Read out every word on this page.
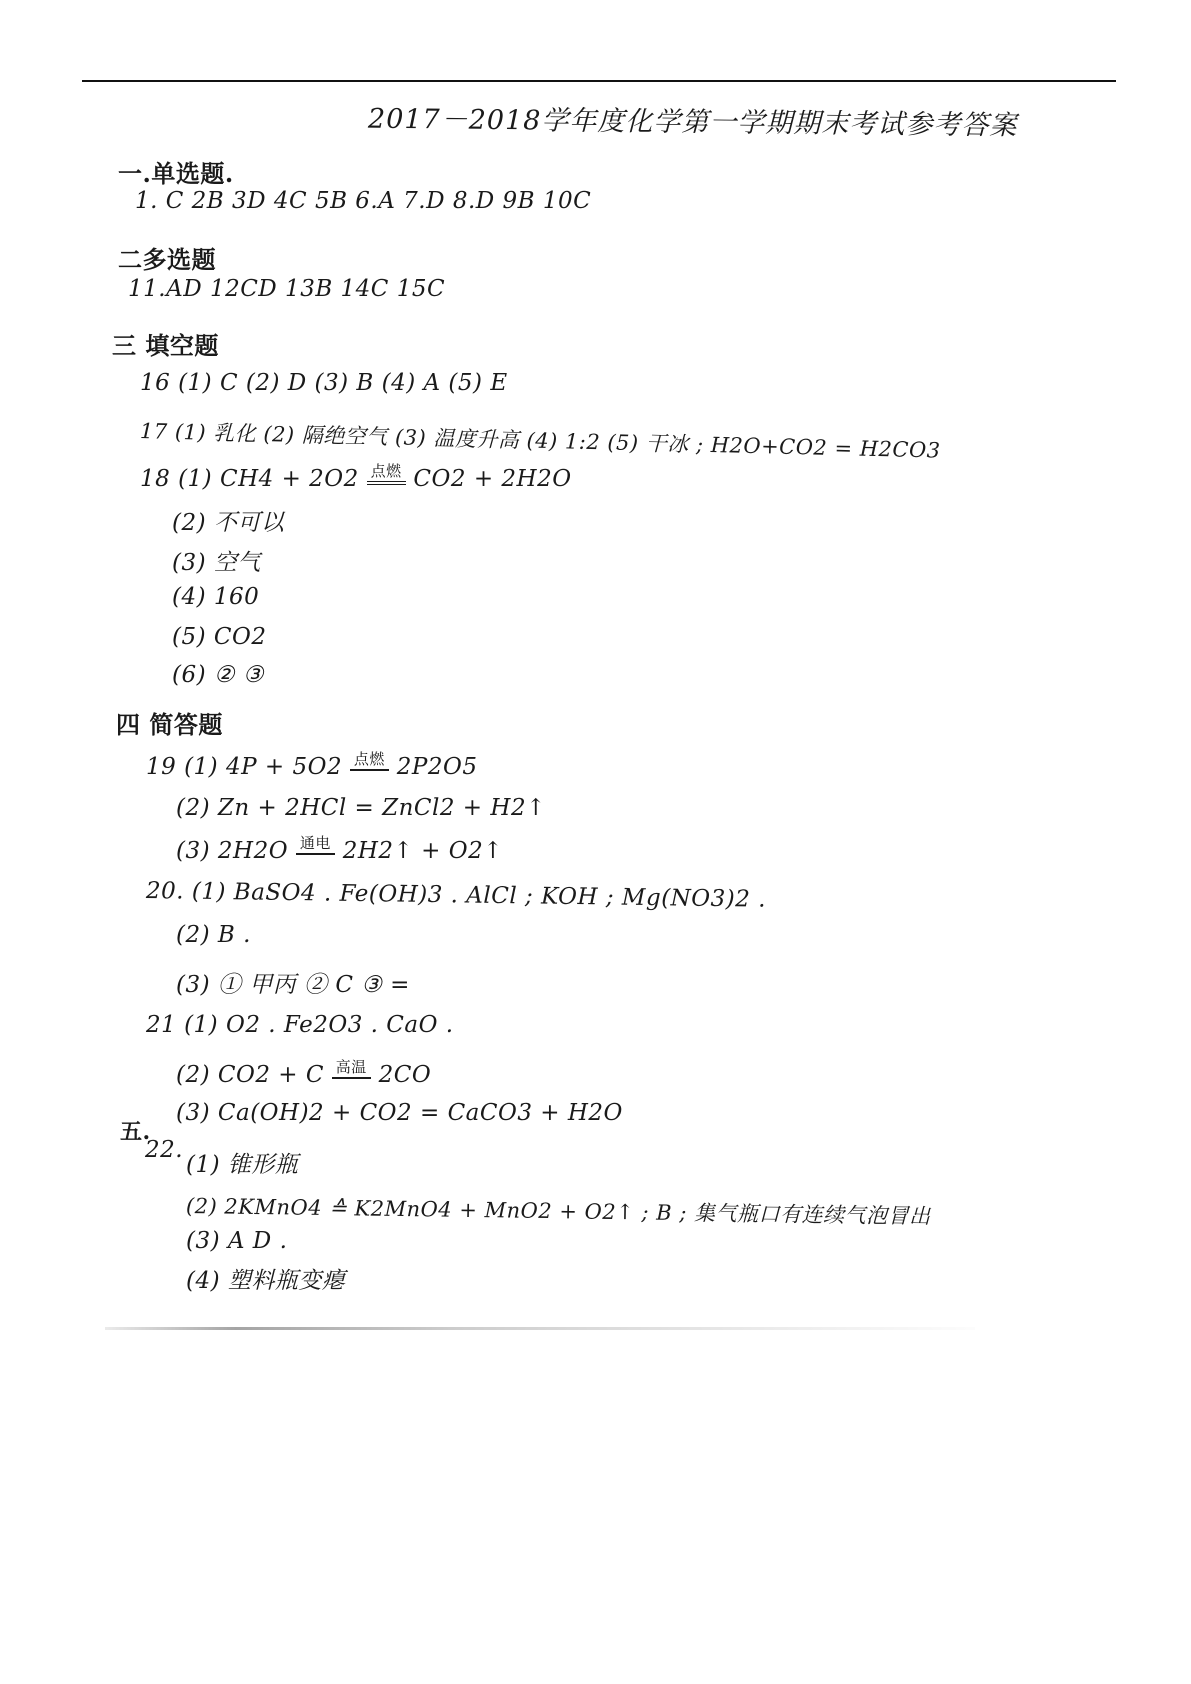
2017－2018学年度化学第一学期期末考试参考答案
一.单选题.
1. C 2B 3D 4C 5B 6.A 7.D 8.D 9B 10C
二多选题
11.AD 12CD 13B 14C 15C
三 填空题
16 (1) C (2) D (3) B (4) A (5) E
17 (1) 乳化 (2) 隔绝空气 (3) 温度升高 (4) 1:2 (5) 干冰 ; H2O+CO2 = H2CO3
18 (1) CH4 + 2O2 点燃 CO2 + 2H2O
(2) 不可以
(3) 空气
(4) 160
(5) CO2
(6) ② ③
四 简答题
19 (1) 4P + 5O2 点燃 2P2O5
(2) Zn + 2HCl = ZnCl2 + H2↑
(3) 2H2O 通电 2H2↑ + O2↑
20. (1) BaSO4 . Fe(OH)3 . AlCl ; KOH ; Mg(NO3)2 .
(2) B .
(3) ① 甲丙 ② C ③ =
21 (1) O2 . Fe2O3 . CaO .
(2) CO2 + C 高温 2CO
(3) Ca(OH)2 + CO2 = CaCO3 + H2O
五.
22.
(1) 锥形瓶
(2) 2KMnO4 ≙ K2MnO4 + MnO2 + O2↑ ; B ; 集气瓶口有连续气泡冒出
(3) A D .
(4) 塑料瓶变瘪
